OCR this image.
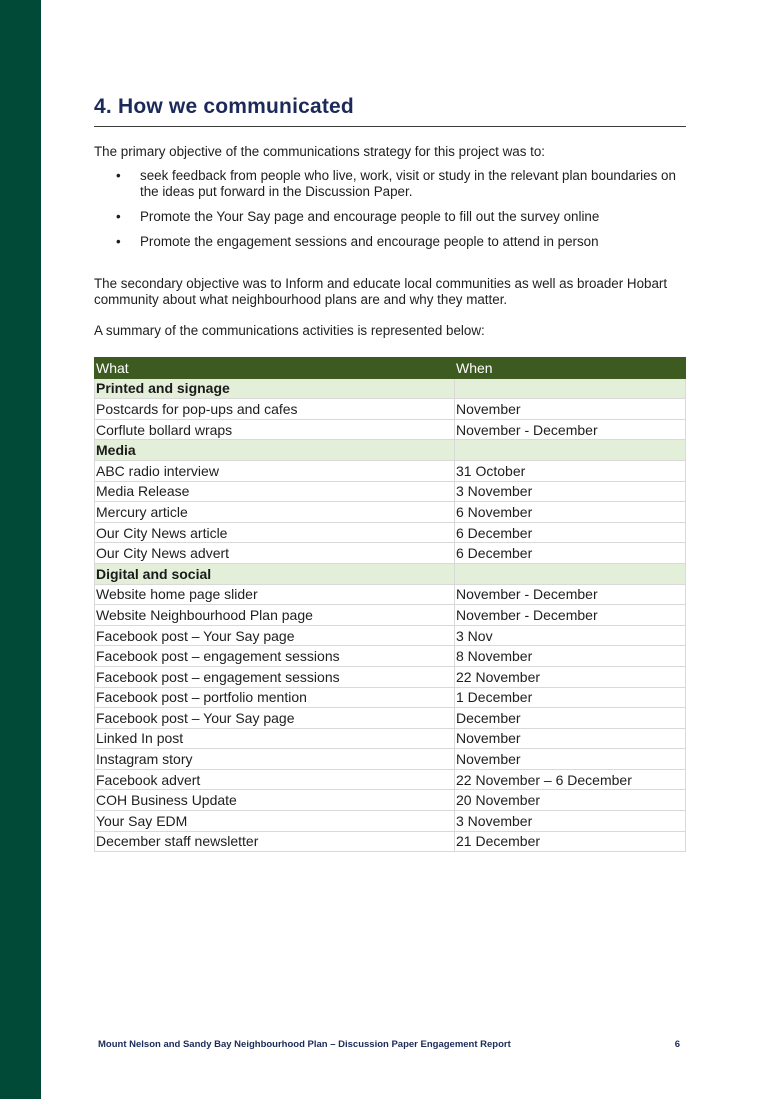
4. How we communicated

The primary objective of the communications strategy for this project was to:

• seek feedback from people who live, work, visit or study in the relevant plan boundaries on the ideas put forward in the Discussion Paper.
• Promote the Your Say page and encourage people to fill out the survey online
• Promote the engagement sessions and encourage people to attend in person

The secondary objective was to Inform and educate local communities as well as broader Hobart community about what neighbourhood plans are and why they matter.

A summary of the communications activities is represented below:

What	When
Printed and signage	
Postcards for pop-ups and cafes	November
Corflute bollard wraps	November - December
Media	
ABC radio interview	31 October
Media Release	3 November
Mercury article	6 November
Our City News article	6 December
Our City News advert	6 December
Digital and social	
Website home page slider	November - December
Website Neighbourhood Plan page	November - December
Facebook post – Your Say page	3 Nov
Facebook post – engagement sessions	8 November
Facebook post – engagement sessions	22 November
Facebook post – portfolio mention	1 December
Facebook post – Your Say page	December
Linked In post	November
Instagram story	November
Facebook advert	22 November – 6 December
COH Business Update	20 November
Your Say EDM	3 November
December staff newsletter	21 December
Mount Nelson and Sandy Bay Neighbourhood Plan – Discussion Paper Engagement Report	6
